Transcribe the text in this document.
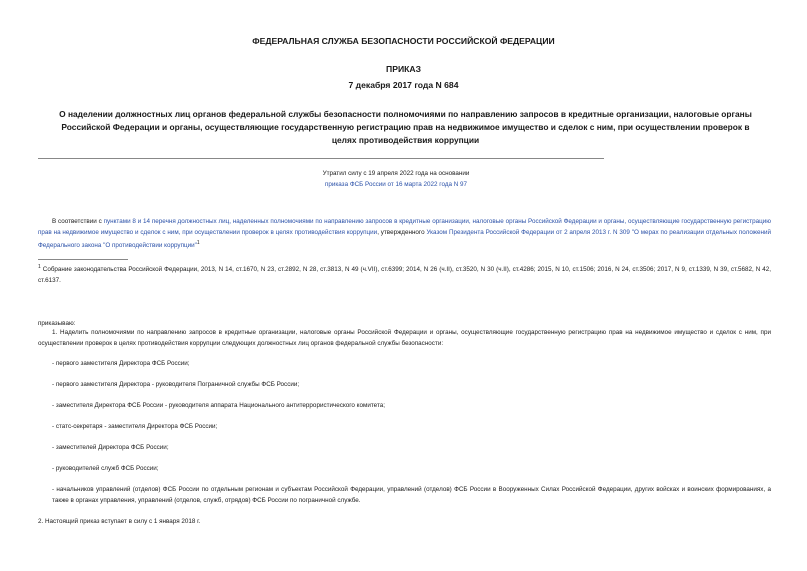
ФЕДЕРАЛЬНАЯ СЛУЖБА БЕЗОПАСНОСТИ РОССИЙСКОЙ ФЕДЕРАЦИИ
ПРИКАЗ
7 декабря 2017 года N 684
О наделении должностных лиц органов федеральной службы безопасности полномочиями по направлению запросов в кредитные организации, налоговые органы Российской Федерации и органы, осуществляющие государственную регистрацию прав на недвижимое имущество и сделок с ним, при осуществлении проверок в целях противодействия коррупции
Утратил силу с 19 апреля 2022 года на основании
приказа ФСБ России от 16 марта 2022 года N 97
В соответствии с пунктами 8 и 14 перечня должностных лиц, наделенных полномочиями по направлению запросов в кредитные организации, налоговые органы Российской Федерации и органы, осуществляющие государственную регистрацию прав на недвижимое имущество и сделок с ним, при осуществлении проверок в целях противодействия коррупции, утвержденного Указом Президента Российской Федерации от 2 апреля 2013 г. N 309 "О мерах по реализации отдельных положений Федерального закона "О противодействии коррупции"$^1$
$^1$ Собрание законодательства Российской Федерации, 2013, N 14, ст.1670, N 23, ст.2892, N 28, ст.3813, N 49 (ч.VII), ст.6399; 2014, N 26 (ч.II), ст.3520, N 30 (ч.II), ст.4286; 2015, N 10, ст.1506; 2016, N 24, ст.3506; 2017, N 9, ст.1339, N 39, ст.5682, N 42, ст.6137.
приказываю:
1. Наделить полномочиями по направлению запросов в кредитные организации, налоговые органы Российской Федерации и органы, осуществляющие государственную регистрацию прав на недвижимое имущество и сделок с ним, при осуществлении проверок в целях противодействия коррупции следующих должностных лиц органов федеральной службы безопасности:
- первого заместителя Директора ФСБ России;
- первого заместителя Директора - руководителя Пограничной службы ФСБ России;
- заместителя Директора ФСБ России - руководителя аппарата Национального антитеррористического комитета;
- статс-секретаря - заместителя Директора ФСБ России;
- заместителей Директора ФСБ России;
- руководителей служб ФСБ России;
- начальников управлений (отделов) ФСБ России по отдельным регионам и субъектам Российской Федерации, управлений (отделов) ФСБ России в Вооруженных Силах Российской Федерации, других войсках и воинских формированиях, а также в органах управления, управлений (отделов, служб, отрядов) ФСБ России по пограничной службе.
2. Настоящий приказ вступает в силу с 1 января 2018 г.
